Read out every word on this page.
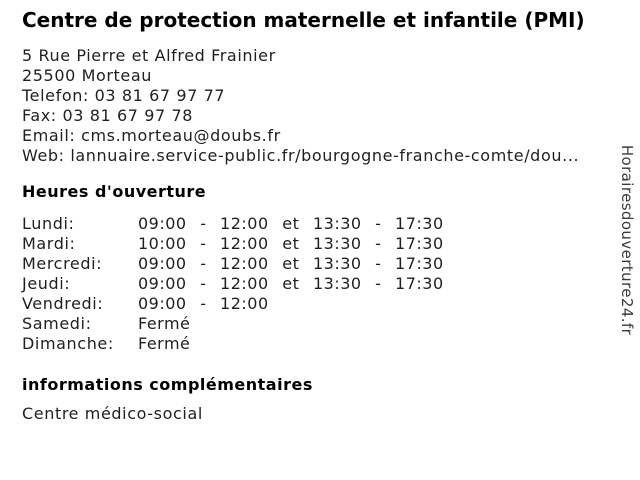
Centre de protection maternelle et infantile (PMI)
5 Rue Pierre et Alfred Frainier
25500 Morteau
Telefon: 03 81 67 97 77
Fax: 03 81 67 97 78
Email: cms.morteau@doubs.fr
Web: lannuaire.service-public.fr/bourgogne-franche-comte/dou...
Heures d'ouverture
Lundi:	09:00 - 12:00 et 13:30 - 17:30
Mardi:	10:00 - 12:00 et 13:30 - 17:30
Mercredi:	09:00 - 12:00 et 13:30 - 17:30
Jeudi:	09:00 - 12:00 et 13:30 - 17:30
Vendredi:	09:00 - 12:00
Samedi:	Fermé
Dimanche:	Fermé
informations complémentaires
Centre médico-social
Horairesdouverture24.fr
